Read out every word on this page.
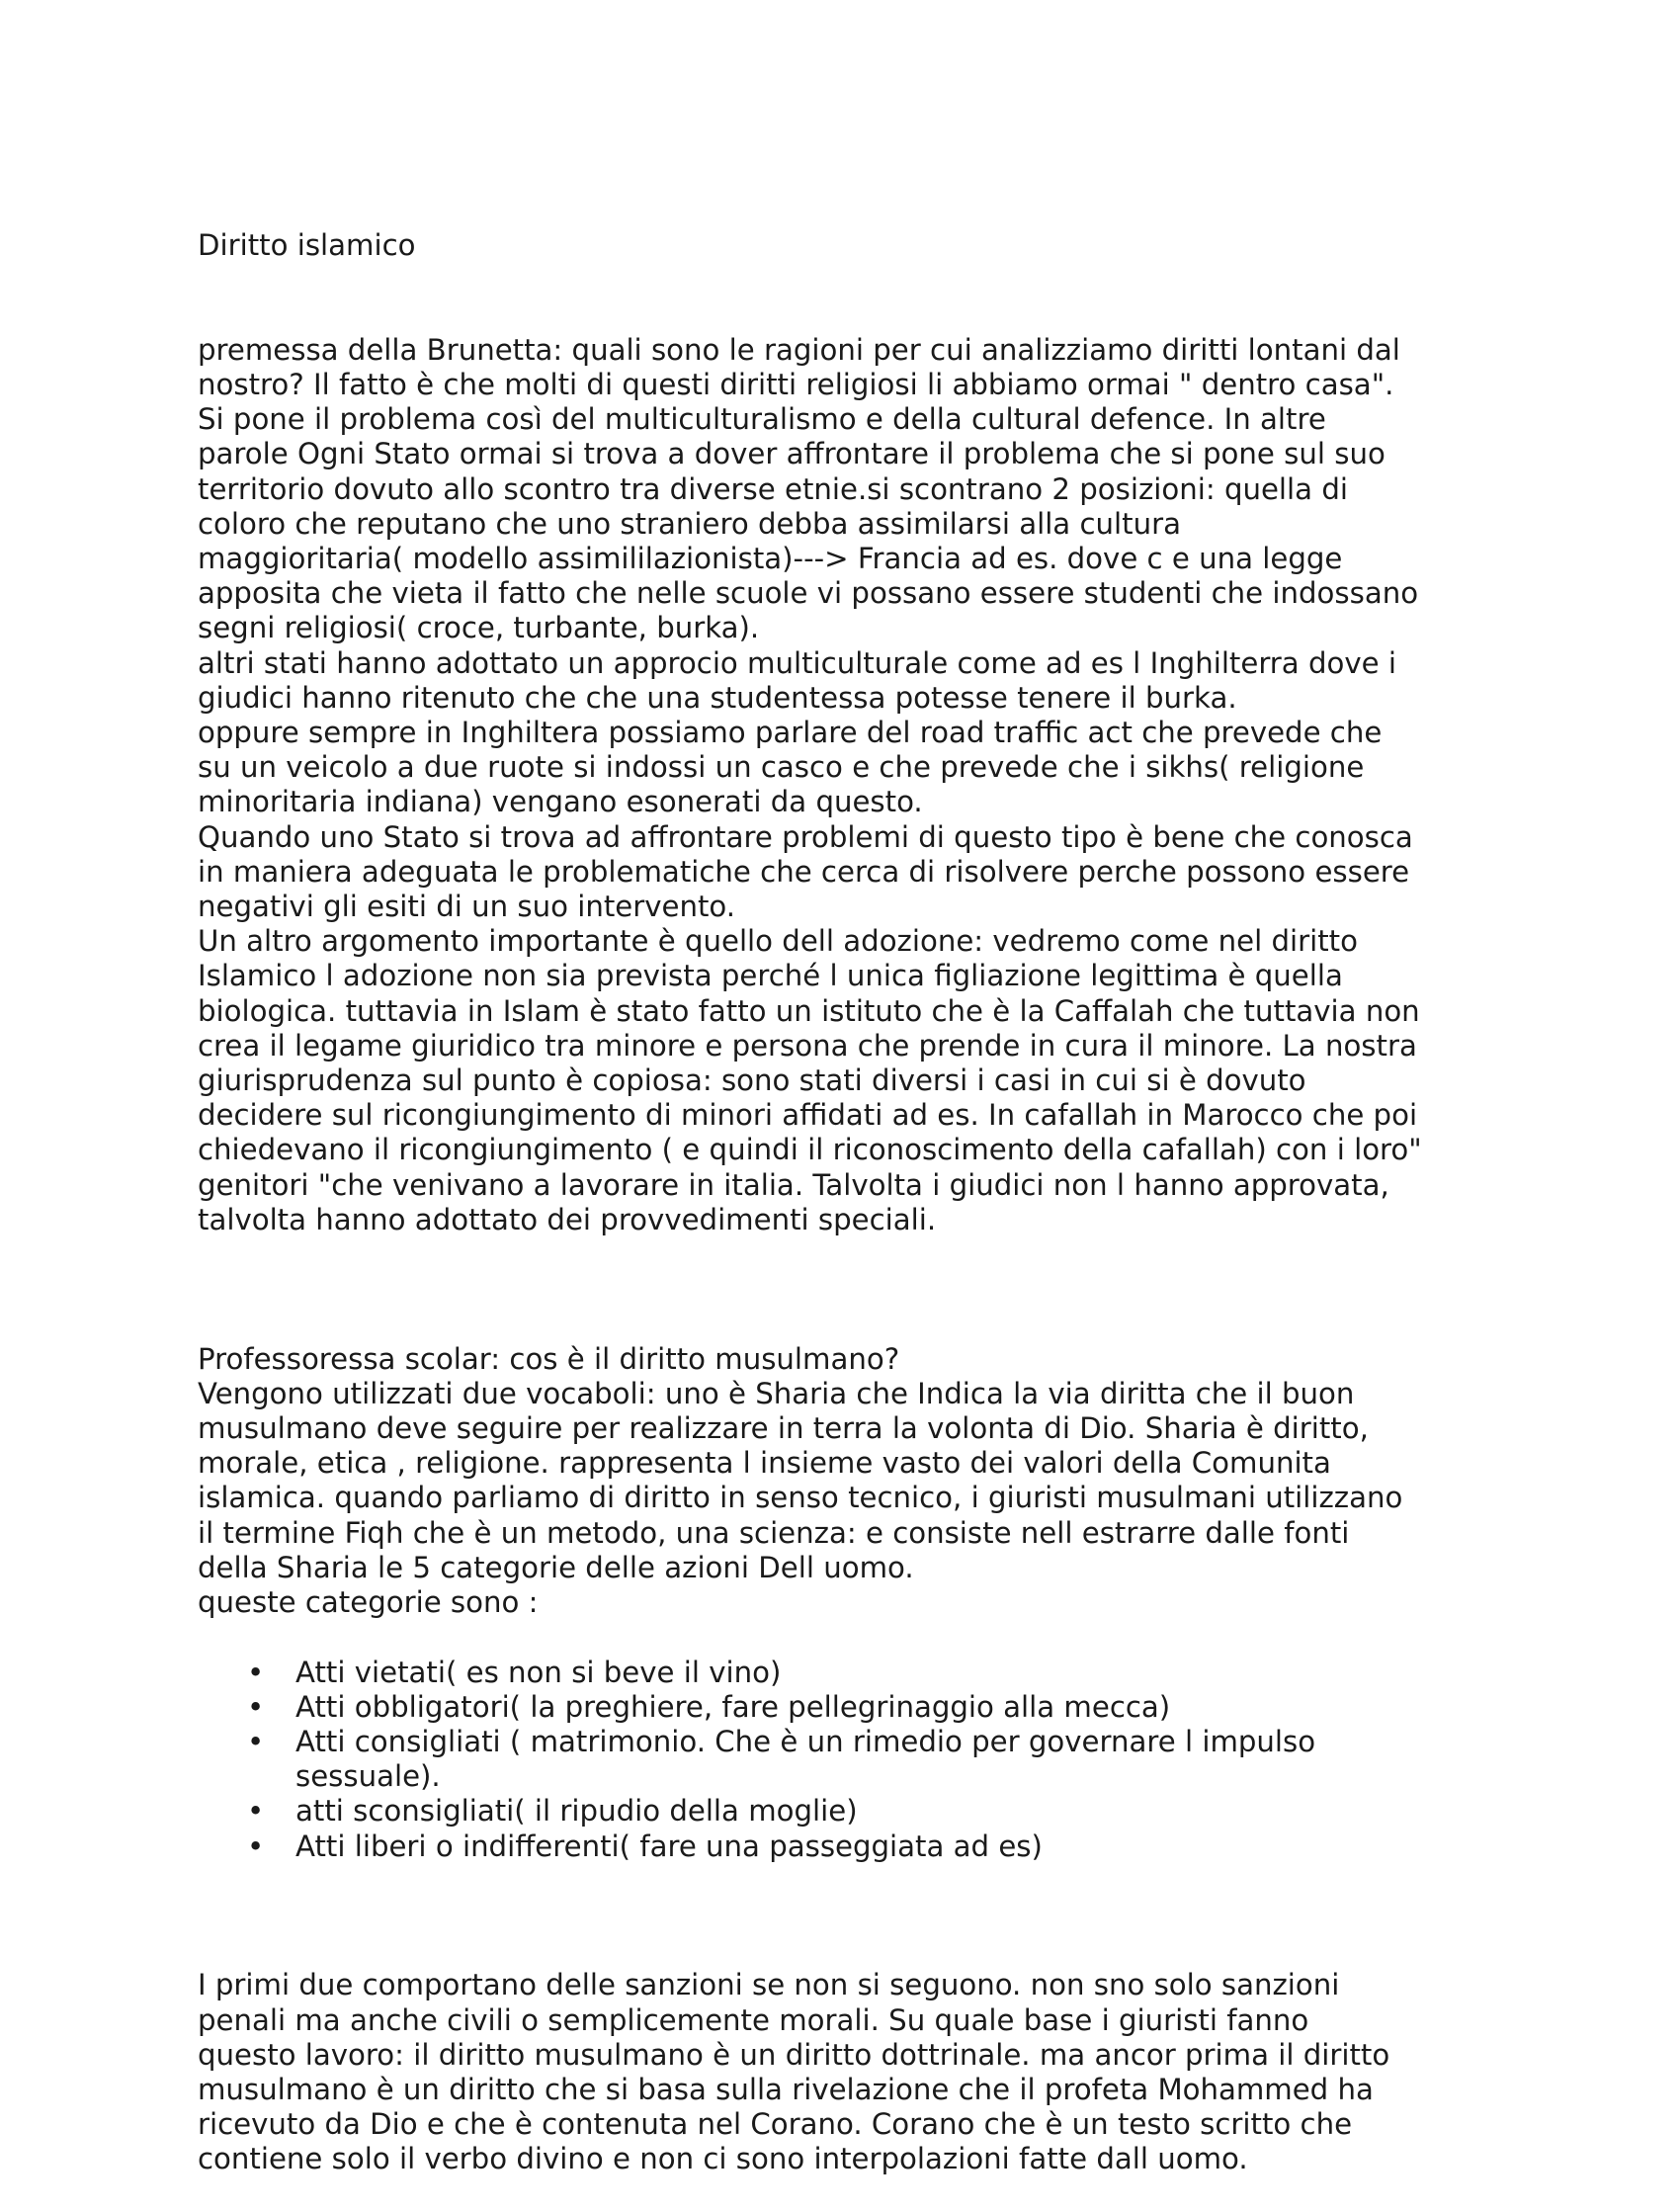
Diritto islamico

premessa della Brunetta: quali sono le ragioni per cui analizziamo diritti lontani dal
nostro? Il fatto è che molti di questi diritti religiosi li abbiamo ormai " dentro casa".
Si pone il problema così del multiculturalismo e della cultural defence. In altre
parole Ogni Stato ormai si trova a dover affrontare il problema che si pone sul suo
territorio dovuto allo scontro tra diverse etnie.si scontrano 2 posizioni: quella di
coloro che reputano che uno straniero debba assimilarsi alla cultura
maggioritaria( modello assimililazionista)---> Francia ad es. dove c e una legge
apposita che vieta il fatto che nelle scuole vi possano essere studenti che indossano
segni religiosi( croce, turbante, burka).
altri stati hanno adottato un approcio multiculturale come ad es l Inghilterra dove i
giudici hanno ritenuto che che una studentessa potesse tenere il burka.
oppure sempre in Inghiltera possiamo parlare del road traffic act che prevede che
su un veicolo a due ruote si indossi un casco e che prevede che i sikhs( religione
minoritaria indiana) vengano esonerati da questo.
Quando uno Stato si trova ad affrontare problemi di questo tipo è bene che conosca
in maniera adeguata le problematiche che cerca di risolvere perche possono essere
negativi gli esiti di un suo intervento.
Un altro argomento importante è quello dell adozione: vedremo come nel diritto
Islamico l adozione non sia prevista perché l unica figliazione legittima è quella
biologica. tuttavia in Islam è stato fatto un istituto che è la Caffalah che tuttavia non
crea il legame giuridico tra minore e persona che prende in cura il minore. La nostra
giurisprudenza sul punto è copiosa: sono stati diversi i casi in cui si è dovuto
decidere sul ricongiungimento di minori affidati ad es. In cafallah in Marocco che poi
chiedevano il ricongiungimento ( e quindi il riconoscimento della cafallah) con i loro"
genitori "che venivano a lavorare in italia. Talvolta i giudici non l hanno approvata,
talvolta hanno adottato dei provvedimenti speciali.

Professoressa scolar: cos è il diritto musulmano?
Vengono utilizzati due vocaboli: uno è Sharia che Indica la via diritta che il buon
musulmano deve seguire per realizzare in terra la volonta di Dio. Sharia è diritto,
morale, etica , religione. rappresenta l insieme vasto dei valori della Comunita
islamica. quando parliamo di diritto in senso tecnico, i giuristi musulmani utilizzano
il termine Fiqh che è un metodo, una scienza: e consiste nell estrarre dalle fonti
della Sharia le 5 categorie delle azioni Dell uomo.
queste categorie sono :

• Atti vietati( es non si beve il vino)
• Atti obbligatori( la preghiere, fare pellegrinaggio alla mecca)
• Atti consigliati ( matrimonio. Che è un rimedio per governare l impulso
sessuale).
• atti sconsigliati( il ripudio della moglie)
• Atti liberi o indifferenti( fare una passeggiata ad es)

I primi due comportano delle sanzioni se non si seguono. non sno solo sanzioni
penali ma anche civili o semplicemente morali. Su quale base i giuristi fanno
questo lavoro: il diritto musulmano è un diritto dottrinale. ma ancor prima il diritto
musulmano è un diritto che si basa sulla rivelazione che il profeta Mohammed ha
ricevuto da Dio e che è contenuta nel Corano. Corano che è un testo scritto che
contiene solo il verbo divino e non ci sono interpolazioni fatte dall uomo.
